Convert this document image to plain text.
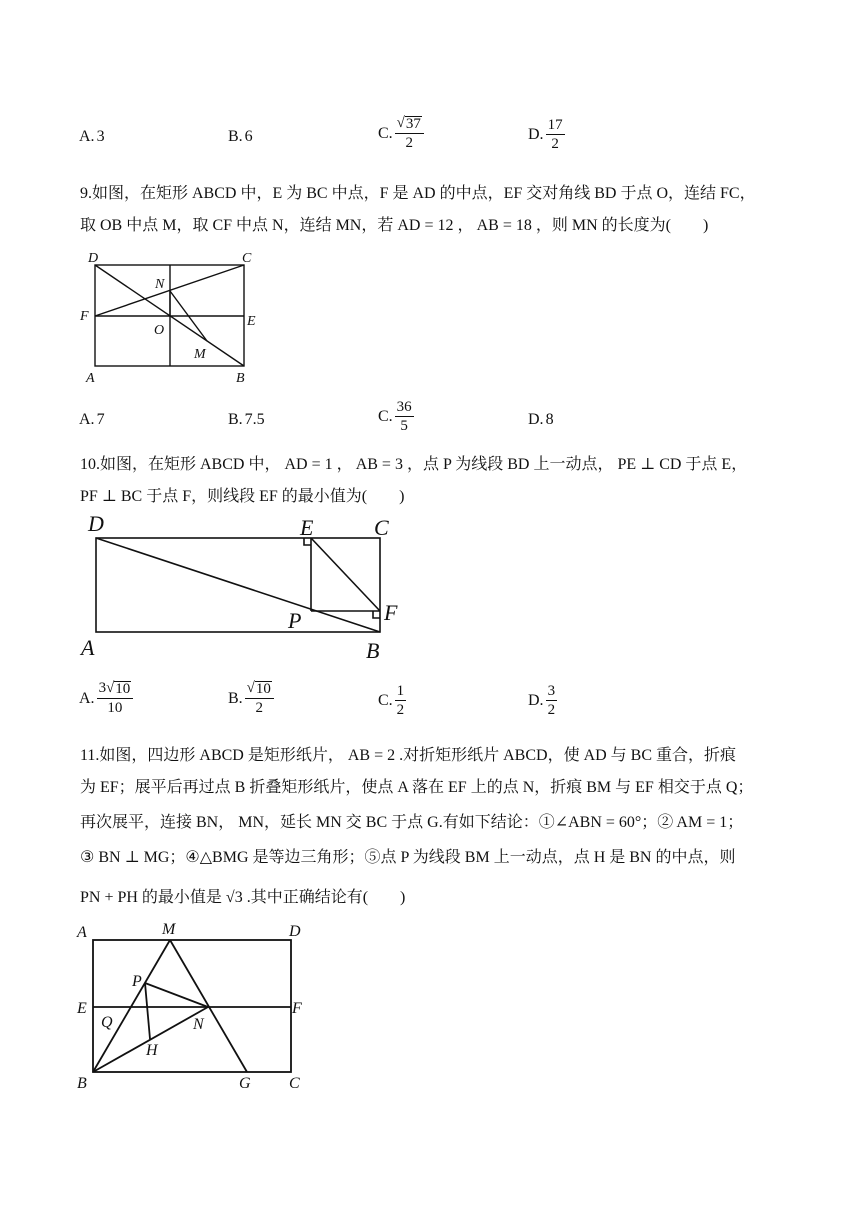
A. 3	B. 6	C. $\frac{√ 37}{2}$	D. $\frac{17}{2}$
9.如图，在矩形 ABCD 中，E 为 BC 中点，F 是 AD 的中点，EF 交对角线 BD 于点 O，连结 FC，
取 OB 中点 M，取 CF 中点 N，连结 MN，若 AD = 12 ， AB = 18 ，则 MN 的长度为(　　)
D	C
N
F
O
E
M
A	B
A. 7	B. 7.5	C. $\frac{36}{5}$	D. 8
10.如图，在矩形 ABCD 中， AD = 1 ， AB = 3 ，点 P 为线段 BD 上一动点， PE ⊥ CD 于点 E，
PF ⊥ BC 于点 F，则线段 EF 的最小值为(　　)
D	E	C
P	F
A	B
A. $\frac{3 √ 10}{10}$	B. $\frac{√ 10}{2}$	C. $\frac{1}{2}$	D. $\frac{3}{2}$
11.如图，四边形 ABCD 是矩形纸片， AB = 2 .对折矩形纸片 ABCD，使 AD 与 BC 重合，折痕
为 EF；展平后再过点 B 折叠矩形纸片，使点 A 落在 EF 上的点 N，折痕 BM 与 EF 相交于点 Q；
再次展平，连接 BN， MN，延长 MN 交 BC 于点 G.有如下结论：①∠ABN = 60°；② AM = 1；
③ BN ⊥ MG；④△BMG 是等边三角形；⑤点 P 为线段 BM 上一动点，点 H 是 BN 的中点，则
PN + PH 的最小值是 √3 .其中正确结论有(　　)
A	M	D
P
E
Q	N
F
H
B	G C
